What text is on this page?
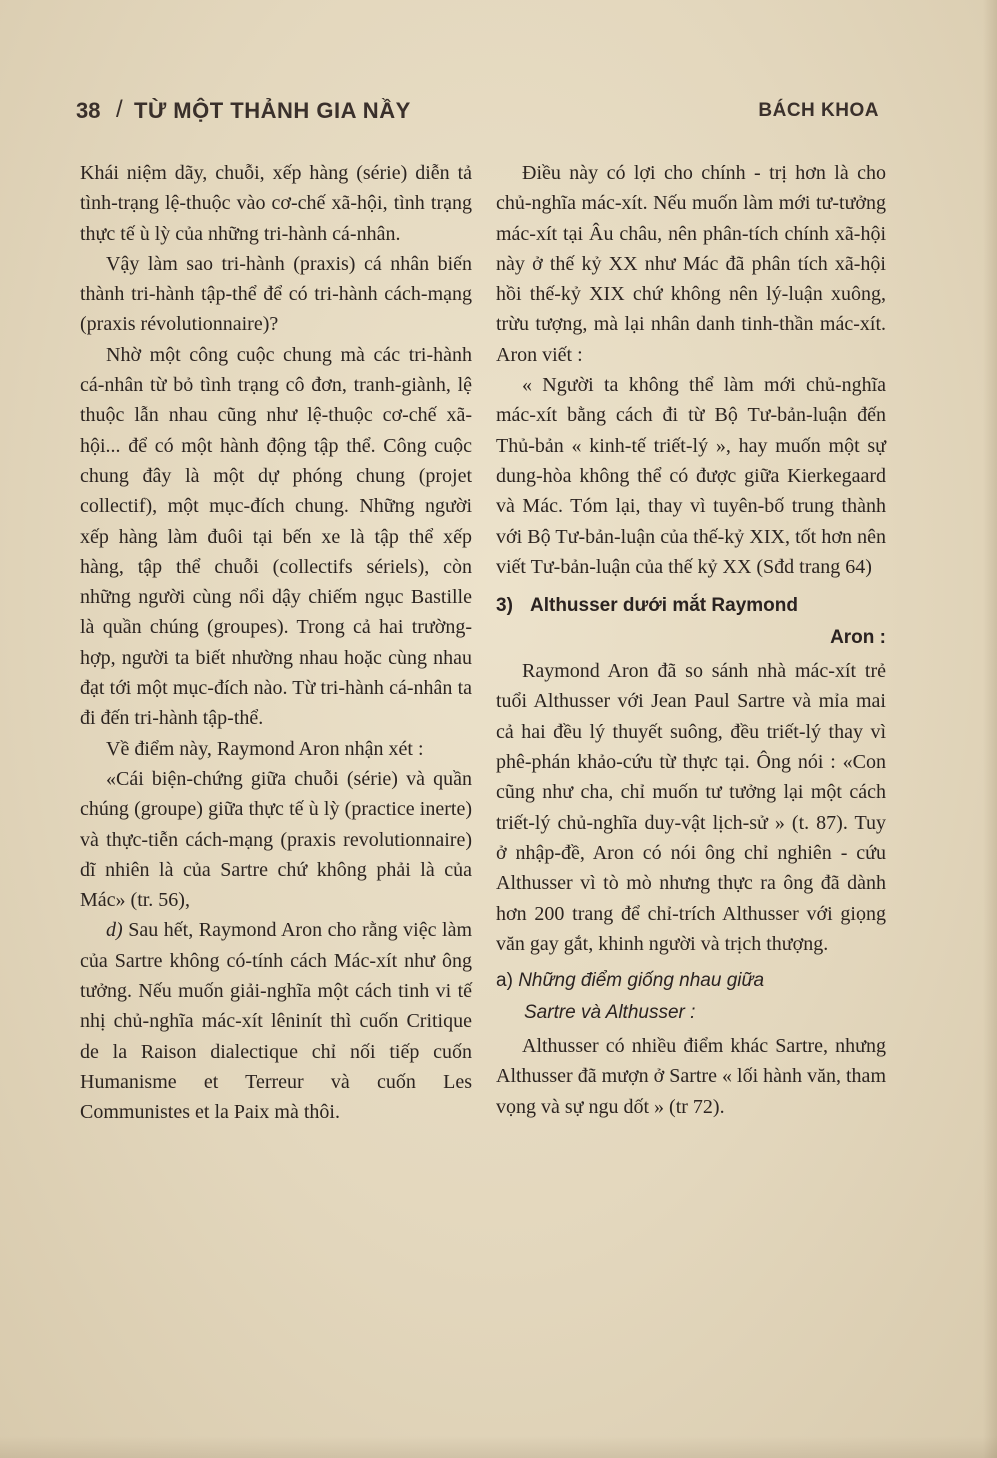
38 / TỪ MỘT THẢNH GIA NẦY	BÁCH KHOA

Khái niệm dãy, chuỗi, xếp hàng (série) diễn tả tình-trạng lệ-thuộc vào cơ-chế xã-hội, tình trạng thực tế ù lỳ của những tri-hành cá-nhân.

Vậy làm sao tri-hành (praxis) cá nhân biến thành tri-hành tập-thể để có tri-hành cách-mạng (praxis révolutionnaire)?

Nhờ một công cuộc chung mà các tri-hành cá-nhân từ bỏ tình trạng cô đơn, tranh-giành, lệ thuộc lẫn nhau cũng như lệ-thuộc cơ-chế xã-hội... để có một hành động tập thể. Công cuộc chung đây là một dự phóng chung (projet collectif), một mục-đích chung. Những người xếp hàng làm đuôi tại bến xe là tập thể xếp hàng, tập thể chuỗi (collectifs sériels), còn những người cùng nổi dậy chiếm ngục Bastille là quần chúng (groupes). Trong cả hai trường-hợp, người ta biết nhường nhau hoặc cùng nhau đạt tới một mục-đích nào. Từ tri-hành cá-nhân ta đi đến tri-hành tập-thể.

Về điểm này, Raymond Aron nhận xét :

«Cái biện-chứng giữa chuỗi (série) và quần chúng (groupe) giữa thực tế ù lỳ (practice inerte) và thực-tiễn cách-mạng (praxis revolutionnaire) dĩ nhiên là của Sartre chứ không phải là của Mác» (tr. 56),

d) Sau hết, Raymond Aron cho rằng việc làm của Sartre không có-tính cách Mác-xít như ông tưởng. Nếu muốn giải-nghĩa một cách tinh vi tế nhị chủ-nghĩa mác-xít lêninít thì cuốn Critique de la Raison dialectique chỉ nối tiếp cuốn Humanisme et Terreur và cuốn Les Communistes et la Paix mà thôi.

Điều này có lợi cho chính - trị hơn là cho chủ-nghĩa mác-xít. Nếu muốn làm mới tư-tưởng mác-xít tại Âu châu, nên phân-tích chính xã-hội này ở thế kỷ XX như Mác đã phân tích xã-hội hồi thế-kỷ XIX chứ không nên lý-luận xuông, trừu tượng, mà lại nhân danh tinh-thần mác-xít. Aron viết :

« Người ta không thể làm mới chủ-nghĩa mác-xít bằng cách đi từ Bộ Tư-bản-luận đến Thủ-bản « kinh-tế triết-lý », hay muốn một sự dung-hòa không thể có được giữa Kierkegaard và Mác. Tóm lại, thay vì tuyên-bố trung thành với Bộ Tư-bản-luận của thế-kỷ XIX, tốt hơn nên viết Tư-bản-luận của thế kỷ XX (Sđd trang 64)

3) Althusser dưới mắt Raymond
Aron :

Raymond Aron đã so sánh nhà mác-xít trẻ tuổi Althusser với Jean Paul Sartre và mỉa mai cả hai đều lý thuyết suông, đều triết-lý thay vì phê-phán khảo-cứu từ thực tại. Ông nói : «Con cũng như cha, chỉ muốn tư tưởng lại một cách triết-lý chủ-nghĩa duy-vật lịch-sử » (t. 87). Tuy ở nhập-đề, Aron có nói ông chỉ nghiên - cứu Althusser vì tò mò nhưng thực ra ông đã dành hơn 200 trang để chỉ-trích Althusser với giọng văn gay gắt, khinh người và trịch thượng.

a) Những điểm giống nhau giữa
Sartre và Althusser :

Althusser có nhiều điểm khác Sartre, nhưng Althusser đã mượn ở Sartre « lối hành văn, tham vọng và sự ngu dốt » (tr 72).
